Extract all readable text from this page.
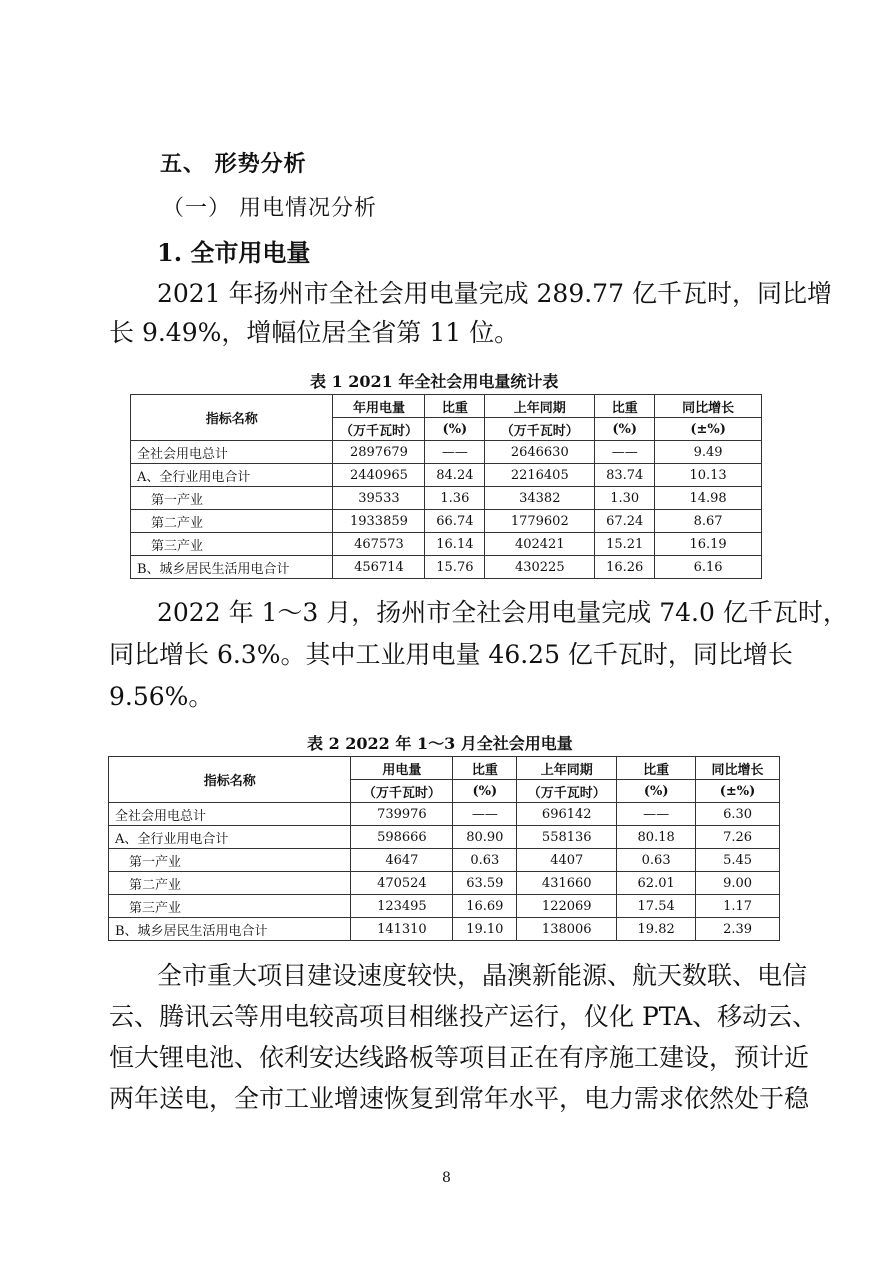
五、 形势分析
（一） 用电情况分析
1. 全市用电量
2021 年扬州市全社会用电量完成 289.77 亿千瓦时，同比增
长 9.49%，增幅位居全省第 11 位。
表 1 2021 年全社会用电量统计表
指标名称	年用电量	比重	上年同期	比重	同比增长
	（万千瓦时）	(%)	（万千瓦时）	(%)	(±%)
全社会用电总计	2897679	——	2646630	——	9.49
A、全行业用电合计	2440965	84.24	2216405	83.74	10.13
第一产业	39533	1.36	34382	1.30	14.98
第二产业	1933859	66.74	1779602	67.24	8.67
第三产业	467573	16.14	402421	15.21	16.19
B、城乡居民生活用电合计	456714	15.76	430225	16.26	6.16
2022 年 1～3 月，扬州市全社会用电量完成 74.0 亿千瓦时，
同比增长 6.3%。其中工业用电量 46.25 亿千瓦时，同比增长
9.56%。
表 2 2022 年 1～3 月全社会用电量
指标名称	用电量	比重	上年同期	比重	同比增长
	（万千瓦时）	(%)	（万千瓦时）	(%)	(±%)
全社会用电总计	739976	——	696142	——	6.30
A、全行业用电合计	598666	80.90	558136	80.18	7.26
第一产业	4647	0.63	4407	0.63	5.45
第二产业	470524	63.59	431660	62.01	9.00
第三产业	123495	16.69	122069	17.54	1.17
B、城乡居民生活用电合计	141310	19.10	138006	19.82	2.39
全市重大项目建设速度较快，晶澳新能源、航天数联、电信
云、腾讯云等用电较高项目相继投产运行，仪化 PTA、移动云、
恒大锂电池、依利安达线路板等项目正在有序施工建设，预计近
两年送电，全市工业增速恢复到常年水平，电力需求依然处于稳
8
